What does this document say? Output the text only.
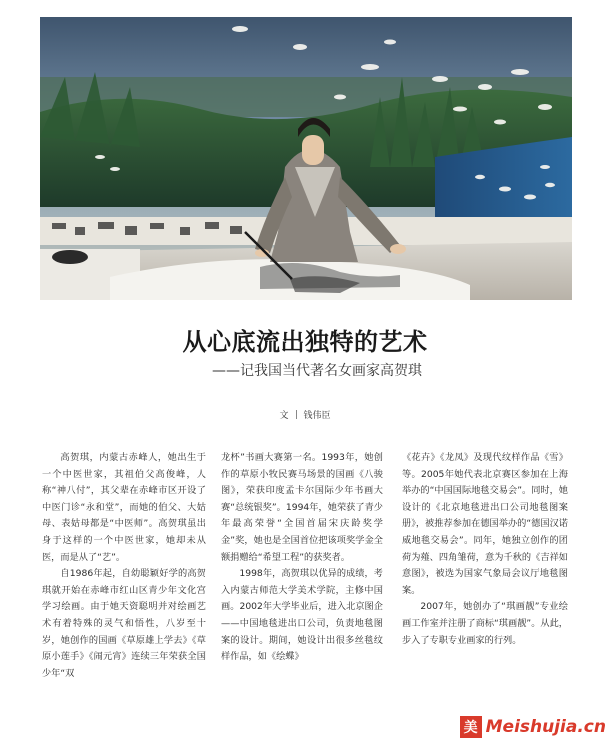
从心底流出独特的艺术
——记我国当代著名女画家高贺琪
文 钱伟臣

高贺琪，内蒙古赤峰人，她出生于一个中医世家，其祖伯父高俊峰，人称“神八付”，其父辈在赤峰市区开设了中医门诊“永和堂”，而她的伯父、大姑母、表姑母都是“中医师”。高贺琪虽出身于这样的一个中医世家，她却未从医，而是从了“艺”。

自1986年起，自幼聪颖好学的高贺琪就开始在赤峰市红山区青少年文化宫学习绘画。由于她天资聪明并对绘画艺术有着特殊的灵气和悟性，八岁至十岁，她创作的国画《草原雄上学去》《草原小莲手》《闹元宵》连续三年荣获全国少年“双

龙杯”书画大赛第一名。1993年，她创作的草原小牧民赛马场景的国画《八骏图》，荣获印度孟卡尔国际少年书画大赛“总统银奖”。1994年，她荣获了青少年最高荣誉“全国首届宋庆龄奖学金”奖，她也是全国首位把该项奖学金全额捐赠给“希望工程”的获奖者。

1998年，高贺琪以优异的成绩，考入内蒙古师范大学美术学院，主修中国画。2002年大学毕业后，进入北京图企——中国地毯进出口公司，负责地毯图案的设计。期间，她设计出很多丝毯纹样作品，如《绘蝶》

《花卉》《龙凤》及现代纹样作品《雪》等。2005年她代表北京赛区参加在上海举办的“中国国际地毯交易会”。同时，她设计的《北京地毯进出口公司地毯图案册》，被推荐参加在德国举办的“德国汉诺威地毯交易会”。同年，她独立创作的团荷为薤、四角雏荷，意为千秋的《吉祥如意图》，被选为国家气象局会议厅地毯图案。

2007年，她创办了“琪画靓”专业绘画工作室并注册了商标“琪画靓”。从此，步入了专职专业画家的行列。

美 Meishujia.cn
